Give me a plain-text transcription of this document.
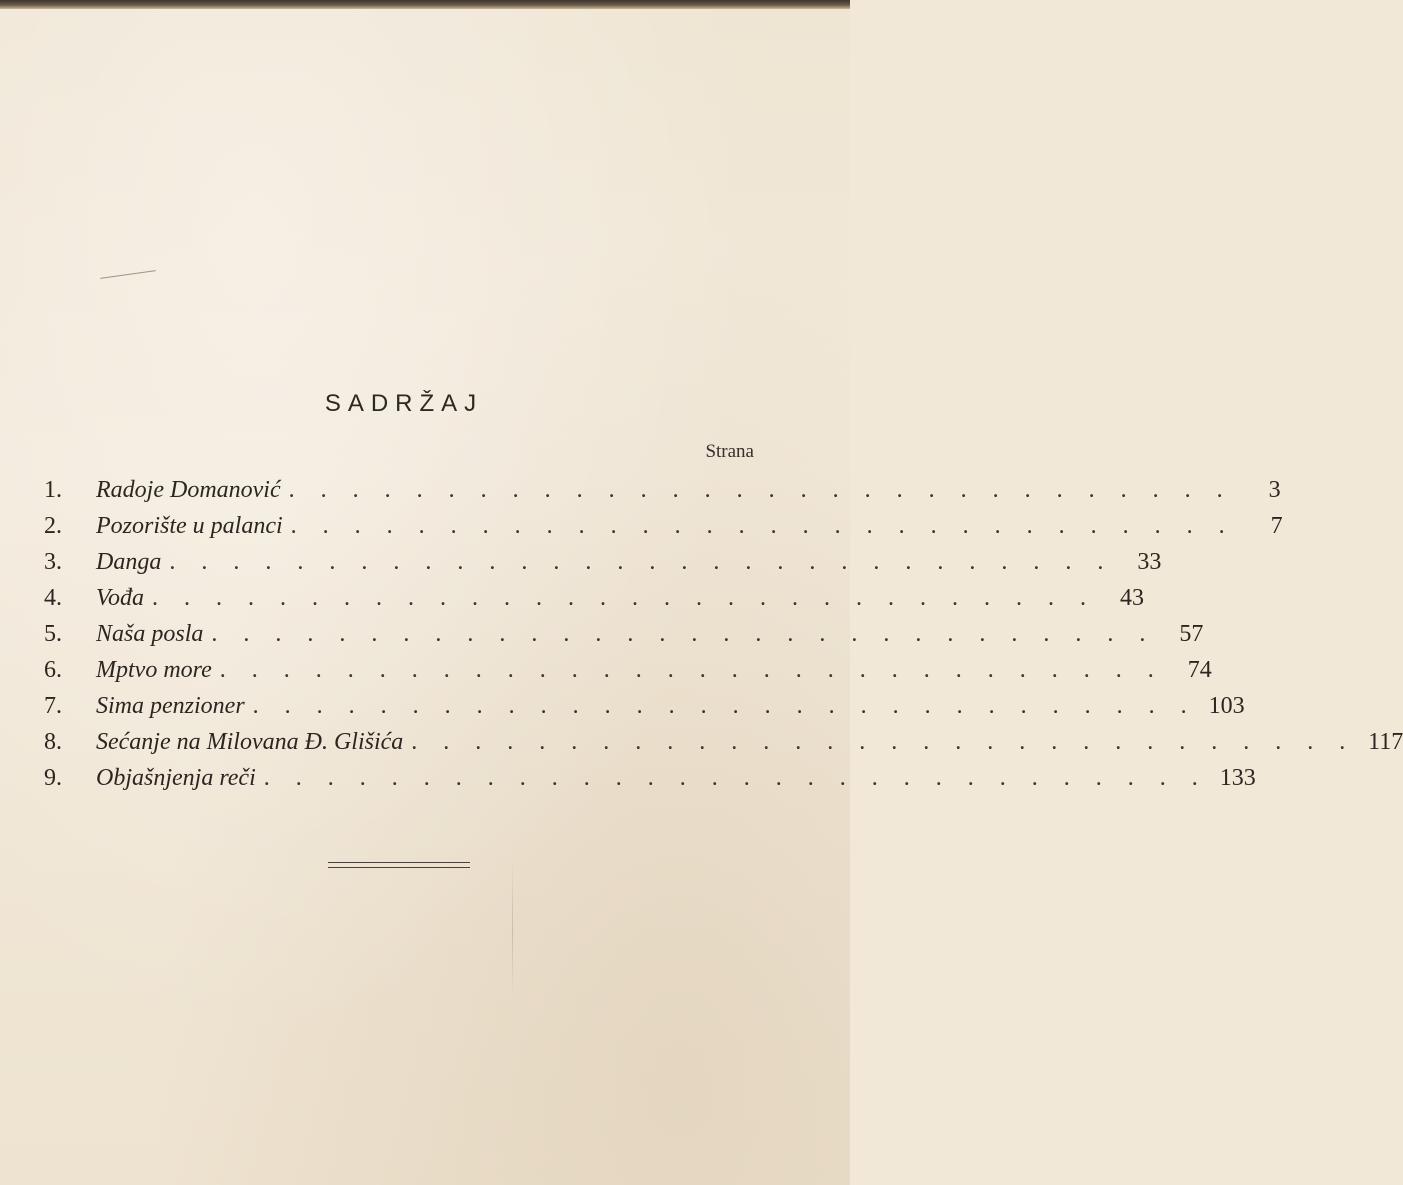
SADRŽAJ
Strana
1.	Radoje Domanović . . . . . . . . . . . . . . . . . . . . . . . . . . . . . .	3
2.	Pozorište u palanci . . . . . . . . . . . . . . . . . . . . . . . . . . . . . .	7
3.	Danga . . . . . . . . . . . . . . . . . . . . . . . . . . . . . .	33
4.	Vođa . . . . . . . . . . . . . . . . . . . . . . . . . . . . . .	43
5.	Naša posla . . . . . . . . . . . . . . . . . . . . . . . . . . . . . .	57
6.	Mptvo more . . . . . . . . . . . . . . . . . . . . . . . . . . . . . .	74
7.	Sima penzioner . . . . . . . . . . . . . . . . . . . . . . . . . . . . . . 103
8.	Sećanje na Milovana Đ. Glišića . . . . . . . . . . . . . . . . . . . . . . . . . . . . . . 117
9.	Objašnjenja reči . . . . . . . . . . . . . . . . . . . . . . . . . . . . . . 133
